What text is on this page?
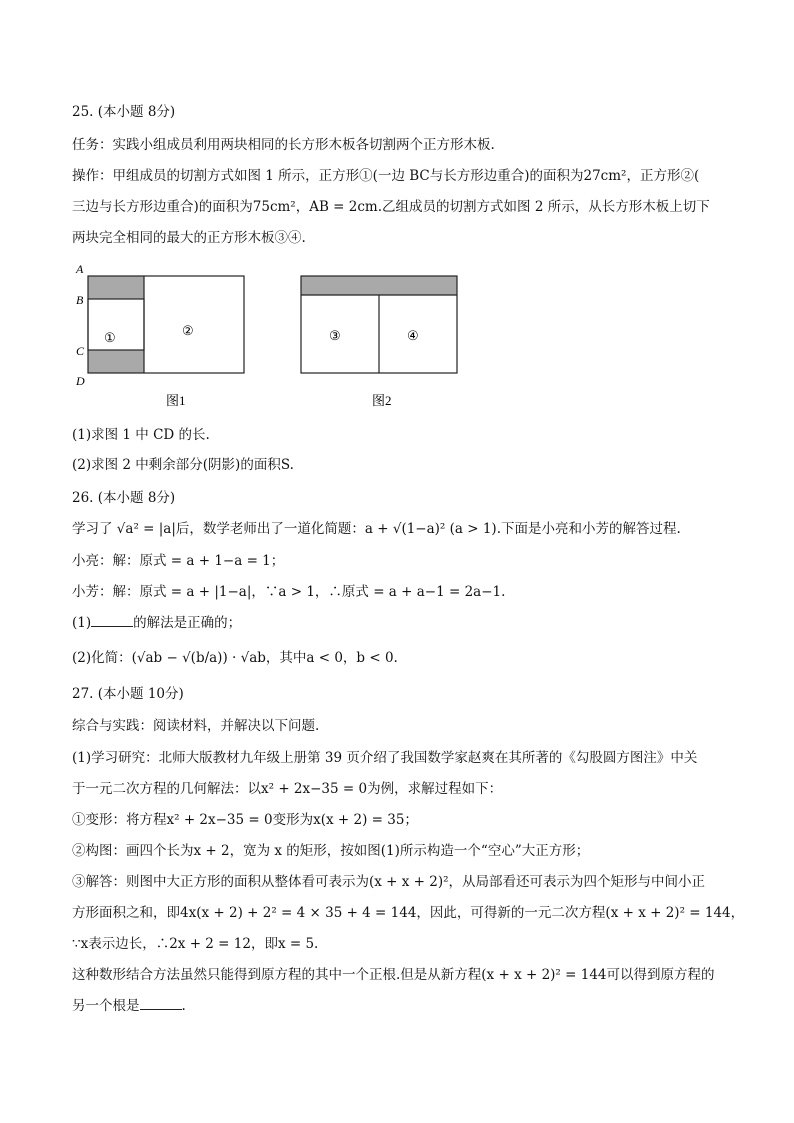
25. (本小题 8分)
任务：实践小组成员利用两块相同的长方形木板各切割两个正方形木板.
操作：甲组成员的切割方式如图 1 所示，正方形①(一边 BC与长方形边重合)的面积为27cm²，正方形②(
三边与长方形边重合)的面积为75cm²，AB = 2cm.乙组成员的切割方式如图 2 所示，从长方形木板上切下
两块完全相同的最大的正方形木板③④.
A
B
C
D
①	②
图1
③	④
图2
(1)求图 1 中 CD 的长.
(2)求图 2 中剩余部分(阴影)的面积S.
26. (本小题 8分)
学习了 √a² = |a|后，数学老师出了一道化简题：a + √(1−a)² (a > 1).下面是小亮和小芳的解答过程.
小亮：解：原式 = a + 1−a = 1；
小芳：解：原式 = a + |1−a|，∵a > 1，∴原式 = a + a−1 = 2a−1.
(1)	的解法是正确的；
(2)化简：(√ab − √(b/a)) · √ab，其中a < 0，b < 0.
27. (本小题 10分)
综合与实践：阅读材料，并解决以下问题.
(1)学习研究：北师大版教材九年级上册第 39 页介绍了我国数学家赵爽在其所著的《勾股圆方图注》中关
于一元二次方程的几何解法：以x² + 2x−35 = 0为例，求解过程如下：
①变形：将方程x² + 2x−35 = 0变形为x(x + 2) = 35；
②构图：画四个长为x + 2，宽为 x 的矩形，按如图(1)所示构造一个“空心”大正方形；
③解答：则图中大正方形的面积从整体看可表示为(x + x + 2)²，从局部看还可表示为四个矩形与中间小正
方形面积之和，即4x(x + 2) + 2² = 4 × 35 + 4 = 144，因此，可得新的一元二次方程(x + x + 2)² = 144，
∵x表示边长，∴2x + 2 = 12，即x = 5.
这种数形结合方法虽然只能得到原方程的其中一个正根.但是从新方程(x + x + 2)² = 144可以得到原方程的
另一个根是	.
